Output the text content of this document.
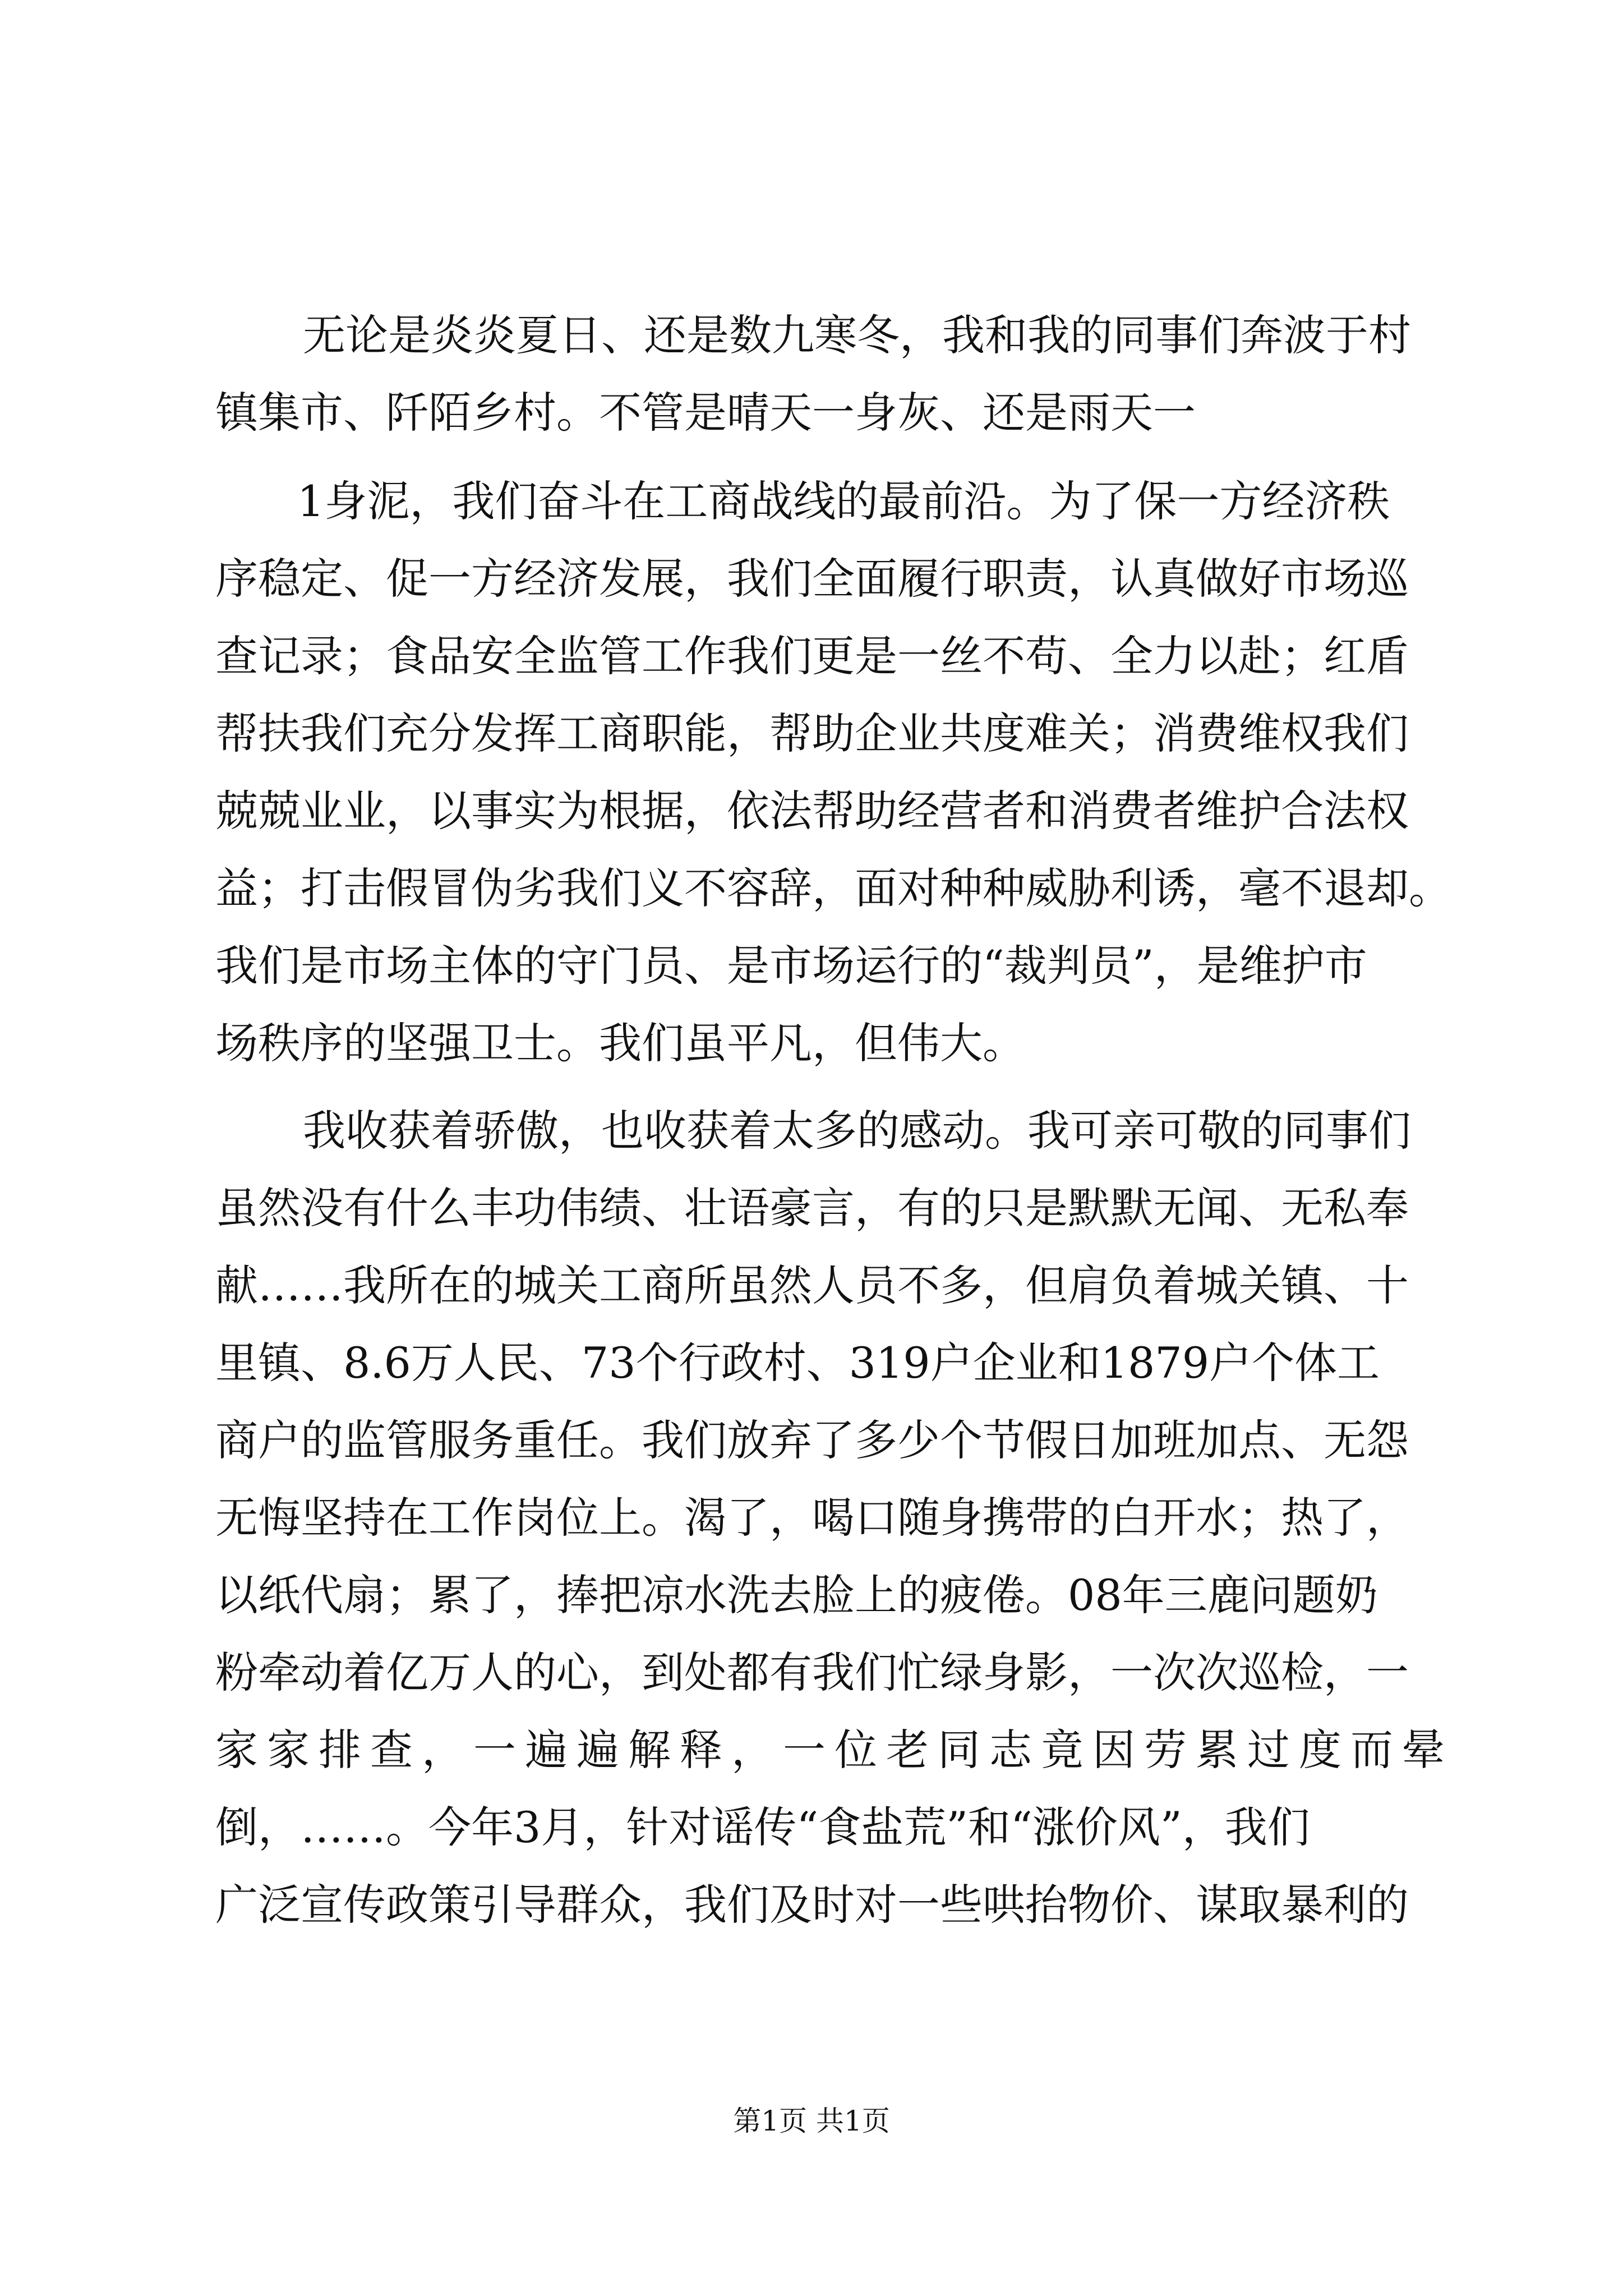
无论是炎炎夏日、还是数九寒冬，我和我的同事们奔波于村
镇集市、阡陌乡村。不管是晴天一身灰、还是雨天一
1身泥，我们奋斗在工商战线的最前沿。为了保一方经济秩
序稳定、促一方经济发展，我们全面履行职责，认真做好市场巡
查记录；食品安全监管工作我们更是一丝不苟、全力以赴；红盾
帮扶我们充分发挥工商职能，帮助企业共度难关；消费维权我们
兢兢业业，以事实为根据，依法帮助经营者和消费者维护合法权
益；打击假冒伪劣我们义不容辞，面对种种威胁利诱，毫不退却。
我们是市场主体的守门员、是市场运行的“裁判员”，是维护市
场秩序的坚强卫士。我们虽平凡，但伟大。
我收获着骄傲，也收获着太多的感动。我可亲可敬的同事们
虽然没有什么丰功伟绩、壮语豪言，有的只是默默无闻、无私奉
献……我所在的城关工商所虽然人员不多，但肩负着城关镇、十
里镇、8.6万人民、73个行政村、319户企业和1879户个体工
商户的监管服务重任。我们放弃了多少个节假日加班加点、无怨
无悔坚持在工作岗位上。渴了，喝口随身携带的白开水；热了，
以纸代扇；累了，捧把凉水洗去脸上的疲倦。08年三鹿问题奶
粉牵动着亿万人的心，到处都有我们忙绿身影，一次次巡检，一
家家排查，一遍遍解释，一位老同志竟因劳累过度而晕
倒，……。今年3月，针对谣传“食盐荒”和“涨价风”，我们
广泛宣传政策引导群众，我们及时对一些哄抬物价、谋取暴利的
第1页 共1页
